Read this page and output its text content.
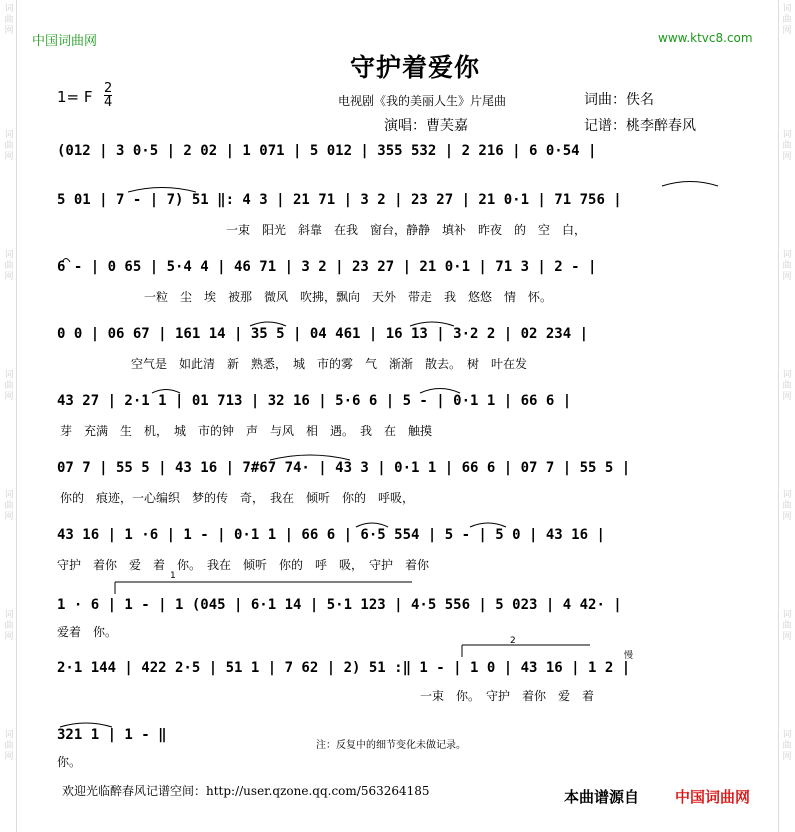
词曲网
词曲网
词曲网
词曲网
词曲网
词曲网
词曲网
词曲网
词曲网
词曲网
词曲网
词曲网
词曲网
词曲网
中国词曲网	www.ktvc8.com
守护着爱你
1= F 2
4	电视剧《我的美丽人生》片尾曲	词曲：佚名
演唱：曹芙嘉	记谱：桃李醉春风
(012 | 3 0·5 | 2 02 | 1 071 | 5 012 | 355 532 | 2 216 | 6 0·54 |
5 01 | 7 - | 7) 51 ‖: 4 3 | 21 71 | 3 2 | 23 27 | 21 0·1 | 71 756 |
一束　阳光　斜靠　在我　窗台，静静　填补　昨夜　的　空　白，
6 - | 0 65 | 5·4 4 | 46 71 | 3 2 | 23 27 | 21 0·1 | 71 3 | 2 - |
一粒　尘　埃　被那　微风　吹拂，飘向　天外　带走　我　悠悠　情　怀。
0 0 | 06 67 | 161 14 | 35 5 | 04 461 | 16 13 | 3·2 2 | 02 234 |
空气是　如此清　新　熟悉，　城　市的雾　气　渐渐　散去。　树　叶在发
43 27 | 2·1 1 | 01 713 | 32 16 | 5·6 6 | 5 - | 0·1 1 | 66 6 |
芽　充满　生　机，　城　市的钟　声　与风　相　遇。　我　在　触摸
07 7 | 55 5 | 43 16 | 7#67 74· | 43 3 | 0·1 1 | 66 6 | 07 7 | 55 5 |
你的　痕迹，一心编织　梦的传　奇，　我在　倾听　你的　呼吸，
43 16 | 1 ·6 | 1 - | 0·1 1 | 66 6 | 6·5 554 | 5 - | 5 0 | 43 16 |
守护　着你　爱　着　你。　我在　倾听　你的　呼　吸，　守护　着你
1
1 · 6 | 1 - | 1 (045 | 6·1 14 | 5·1 123 | 4·5 556 | 5 023 | 4 42· |
爱着　你。
2
慢
2·1 144 | 422 2·5 | 51 1 | 7 62 | 2) 51 :‖ 1 - | 1 0 | 43 16 | 1 2 |
一束　你。　守护　着你　爱　着
321 1 | 1 - ‖
你。
注：反复中的细节变化未做记录。
欢迎光临醉春风记谱空间：http://user.qzone.qq.com/563264185	本曲谱源自 中国词曲网
